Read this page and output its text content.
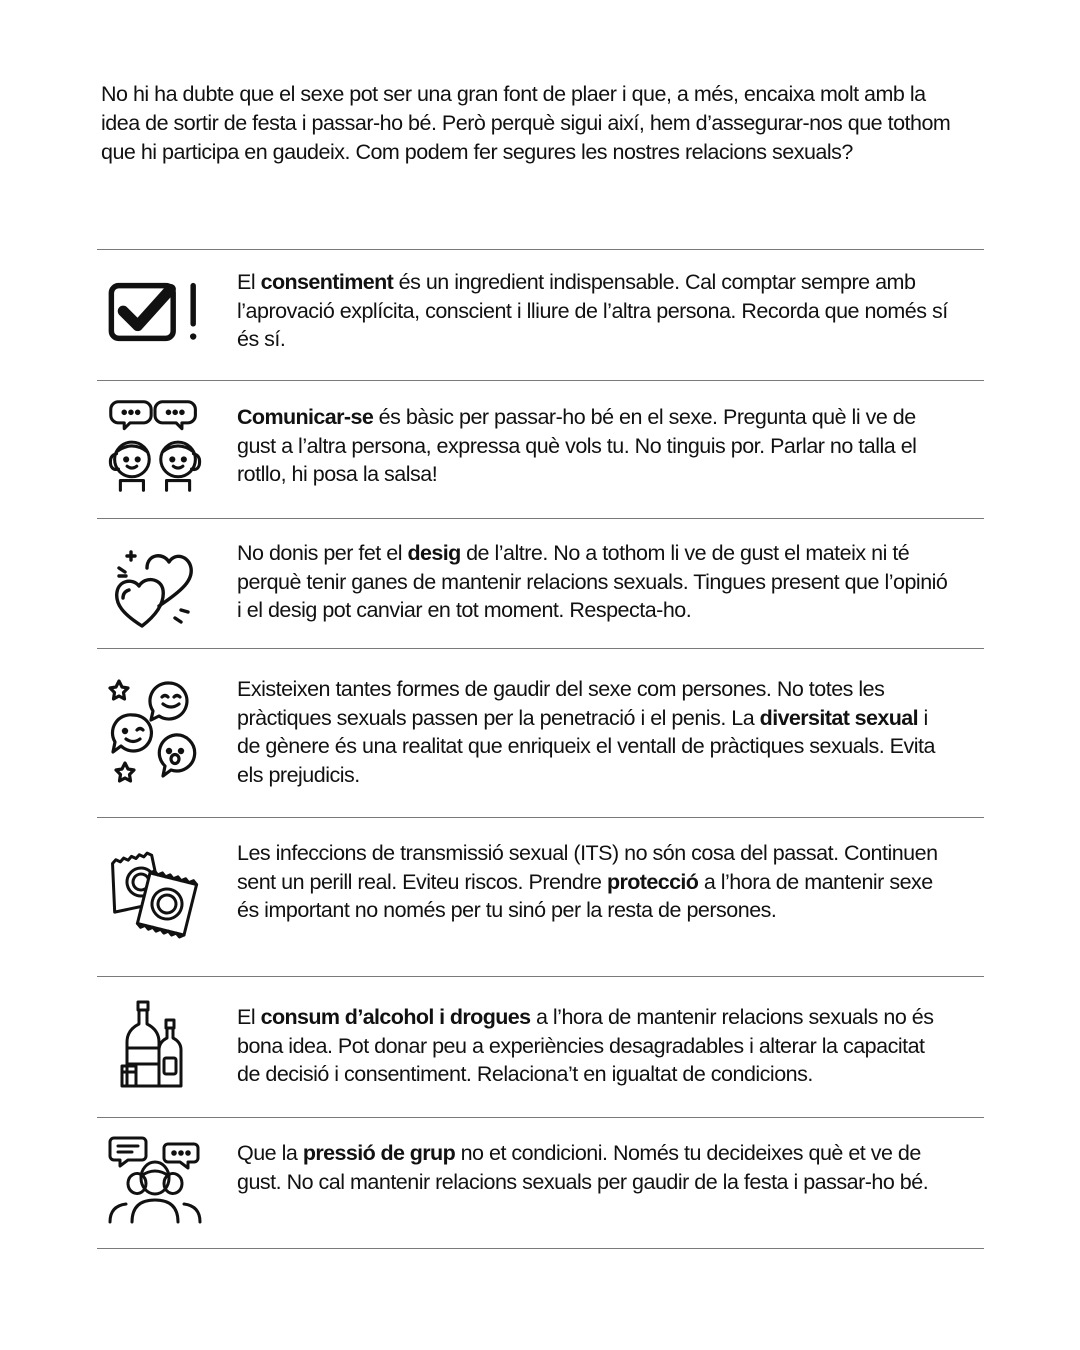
No hi ha dubte que el sexe pot ser una gran font de plaer i que, a més, encaixa molt amb la idea de sortir de festa i passar-ho bé. Però perquè sigui així, hem d’assegurar-nos que tothom que hi participa en gaudeix. Com podem fer segures les nostres relacions sexuals?

El consentiment és un ingredient indispensable. Cal comptar sempre amb l’aprovació explícita, conscient i lliure de l’altra persona. Recorda que només sí és sí.

Comunicar-se és bàsic per passar-ho bé en el sexe. Pregunta què li ve de gust a l’altra persona, expressa què vols tu. No tinguis por. Parlar no talla el rotllo, hi posa la salsa!

No donis per fet el desig de l’altre. No a tothom li ve de gust el mateix ni té perquè tenir ganes de mantenir relacions sexuals. Tingues present que l’opinió i el desig pot canviar en tot moment. Respecta-ho.

Existeixen tantes formes de gaudir del sexe com persones. No totes les pràctiques sexuals passen per la penetració i el penis. La diversitat sexual i de gènere és una realitat que enriqueix el ventall de pràctiques sexuals. Evita els prejudicis.

Les infeccions de transmissió sexual (ITS) no són cosa del passat. Continuen sent un perill real. Eviteu riscos. Prendre protecció a l’hora de mantenir sexe és important no només per tu sinó per la resta de persones.

El consum d’alcohol i drogues a l’hora de mantenir relacions sexuals no és bona idea. Pot donar peu a experiències desagradables i alterar la capacitat de decisió i consentiment. Relaciona’t en igualtat de condicions.

Que la pressió de grup no et condicioni. Només tu decideixes què et ve de gust. No cal mantenir relacions sexuals per gaudir de la festa i passar-ho bé.
